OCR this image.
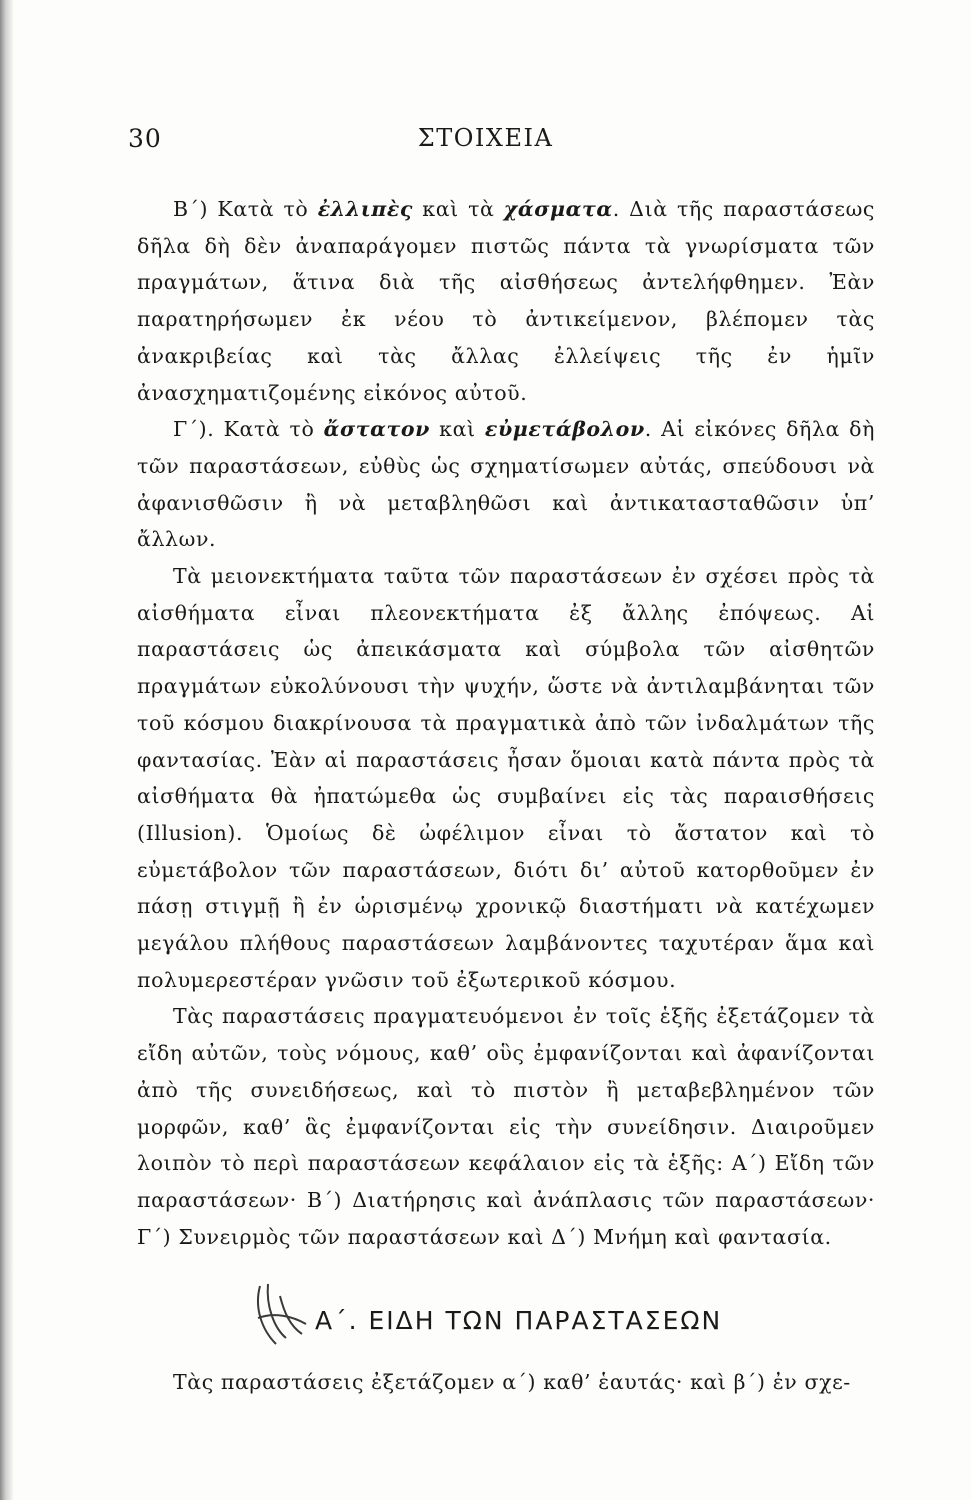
30	ΣΤΟΙΧΕΙΑ

Β΄) Κατὰ τὸ ἐλλιπὲς καὶ τὰ χάσματα. Διὰ τῆς παραστάσεως δῆλα δὴ δὲν ἀναπαράγομεν πιστῶς πάντα τὰ γνωρίσματα τῶν πραγμάτων, ἅτινα διὰ τῆς αἰσθήσεως ἀντελήφθημεν. Ἐὰν παρατηρήσωμεν ἐκ νέου τὸ ἀντικείμενον, βλέπομεν τὰς ἀνακριβείας καὶ τὰς ἄλλας ἐλλείψεις τῆς ἐν ἡμῖν ἀνασχηματιζομένης εἰκόνος αὐτοῦ.

Γ΄). Κατὰ τὸ ἄστατον καὶ εὐμετάβολον. Αἱ εἰκόνες δῆλα δὴ τῶν παραστάσεων, εὐθὺς ὡς σχηματίσωμεν αὐτάς, σπεύδουσι νὰ ἀφανισθῶσιν ἢ νὰ μεταβληθῶσι καὶ ἀντικατασταθῶσιν ὑπ’ ἄλλων.

Τὰ μειονεκτήματα ταῦτα τῶν παραστάσεων ἐν σχέσει πρὸς τὰ αἰσθήματα εἶναι πλεονεκτήματα ἐξ ἄλλης ἐπόψεως. Αἱ παραστάσεις ὡς ἀπεικάσματα καὶ σύμβολα τῶν αἰσθητῶν πραγμάτων εὐκολύνουσι τὴν ψυχήν, ὥστε νὰ ἀντιλαμβάνηται τῶν τοῦ κόσμου διακρίνουσα τὰ πραγματικὰ ἀπὸ τῶν ἰνδαλμάτων τῆς φαντασίας. Ἐὰν αἱ παραστάσεις ἦσαν ὅμοιαι κατὰ πάντα πρὸς τὰ αἰσθήματα θὰ ἠπατώμεθα ὡς συμβαίνει εἰς τὰς παραισθήσεις (Illusion). Ὁμοίως δὲ ὠφέλιμον εἶναι τὸ ἄστατον καὶ τὸ εὐμετάβολον τῶν παραστάσεων, διότι δι’ αὐτοῦ κατορθοῦμεν ἐν πάσῃ στιγμῇ ἢ ἐν ὡρισμένῳ χρονικῷ διαστήματι νὰ κατέχωμεν μεγάλου πλήθους παραστάσεων λαμβάνοντες ταχυτέραν ἅμα καὶ πολυμερεστέραν γνῶσιν τοῦ ἐξωτερικοῦ κόσμου.

Τὰς παραστάσεις πραγματευόμενοι ἐν τοῖς ἑξῆς ἐξετάζομεν τὰ εἴδη αὐτῶν, τοὺς νόμους, καθ’ οὓς ἐμφανίζονται καὶ ἀφανίζονται ἀπὸ τῆς συνειδήσεως, καὶ τὸ πιστὸν ἢ μεταβεβλημένον τῶν μορφῶν, καθ’ ἃς ἐμφανίζονται εἰς τὴν συνείδησιν. Διαιροῦμεν λοιπὸν τὸ περὶ παραστάσεων κεφάλαιον εἰς τὰ ἑξῆς: Α΄) Εἴδη τῶν παραστάσεων· Β΄) Διατήρησις καὶ ἀνάπλασις τῶν παραστάσεων· Γ΄) Συνειρμὸς τῶν παραστάσεων καὶ Δ΄) Μνήμη καὶ φαντασία.

Α΄. ΕΙΔΗ ΤΩΝ ΠΑΡΑΣΤΑΣΕΩΝ
Τὰς παραστάσεις ἐξετάζομεν α΄) καθ’ ἑαυτάς· καὶ β΄) ἐν σχε-
